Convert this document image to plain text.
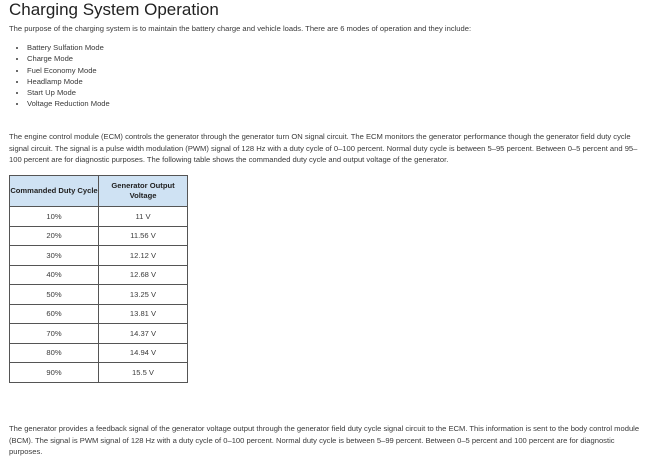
Charging System Operation

The purpose of the charging system is to maintain the battery charge and vehicle loads. There are 6 modes of operation and they include:

• Battery Sulfation Mode
• Charge Mode
• Fuel Economy Mode
• Headlamp Mode
• Start Up Mode
• Voltage Reduction Mode

The engine control module (ECM) controls the generator through the generator turn ON signal circuit. The ECM monitors the generator performance though the generator field duty cycle signal circuit. The signal is a pulse width modulation (PWM) signal of 128 Hz with a duty cycle of 0–100 percent. Normal duty cycle is between 5–95 percent. Between 0–5 percent and 95–100 percent are for diagnostic purposes. The following table shows the commanded duty cycle and output voltage of the generator.

Commanded Duty Cycle	Generator Output Voltage
10%	11 V
20%	11.56 V
30%	12.12 V
40%	12.68 V
50%	13.25 V
60%	13.81 V
70%	14.37 V
80%	14.94 V
90%	15.5 V

The generator provides a feedback signal of the generator voltage output through the generator field duty cycle signal circuit to the ECM. This information is sent to the body control module (BCM). The signal is PWM signal of 128 Hz with a duty cycle of 0–100 percent. Normal duty cycle is between 5–99 percent. Between 0–5 percent and 100 percent are for diagnostic purposes.
